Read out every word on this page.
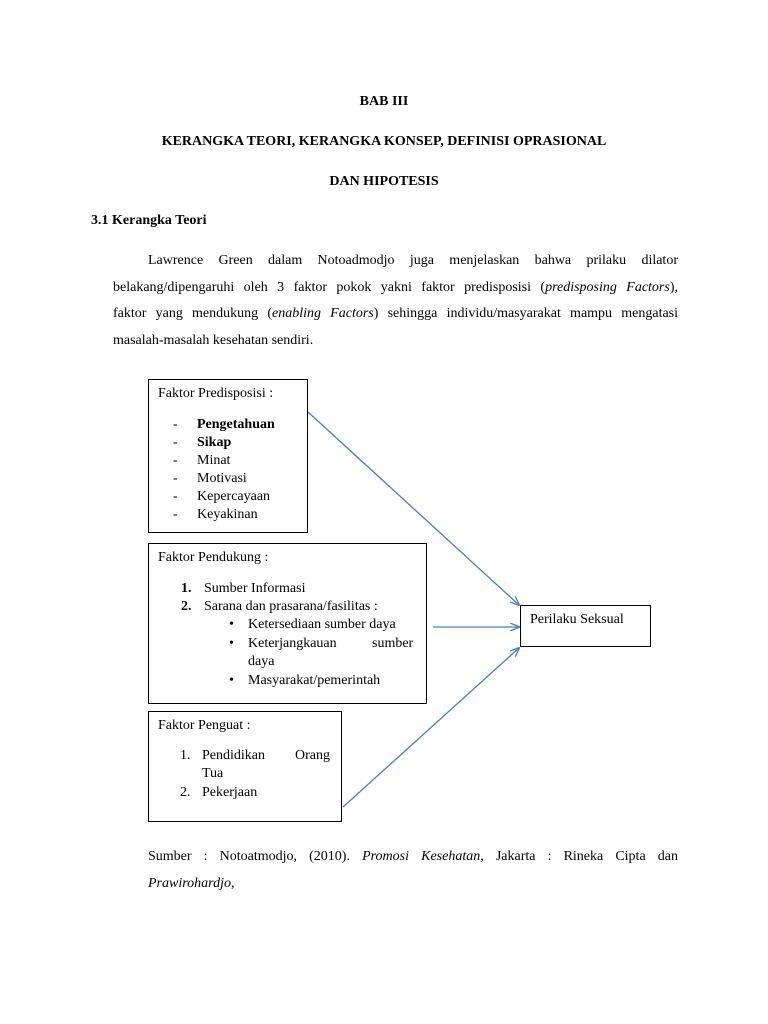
BAB III
KERANGKA TEORI, KERANGKA KONSEP, DEFINISI OPRASIONAL
DAN HIPOTESIS
3.1 Kerangka Teori
Lawrence Green dalam Notoadmodjo juga menjelaskan bahwa prilaku dilator
belakang/dipengaruhi oleh 3 faktor pokok yakni faktor predisposisi (predisposing Factors),
faktor yang mendukung (enabling Factors) sehingga individu/masyarakat mampu mengatasi
masalah-masalah kesehatan sendiri.
Faktor Predisposisi :
- Pengetahuan
- Sikap
- Minat
- Motivasi
- Kepercayaan
- Keyakinan
Faktor Pendukung :
1. Sumber Informasi
2. Sarana dan prasarana/fasilitas :
• Ketersediaan sumber daya
• Keterjangkauan	sumber
daya
• Masyarakat/pemerintah
Faktor Penguat :
1. Pendidikan Orang
Tua
2. Pekerjaan
Perilaku Seksual
Sumber : Notoatmodjo, (2010). Promosi Kesehatan, Jakarta : Rineka Cipta dan
Prawirohardjo,
